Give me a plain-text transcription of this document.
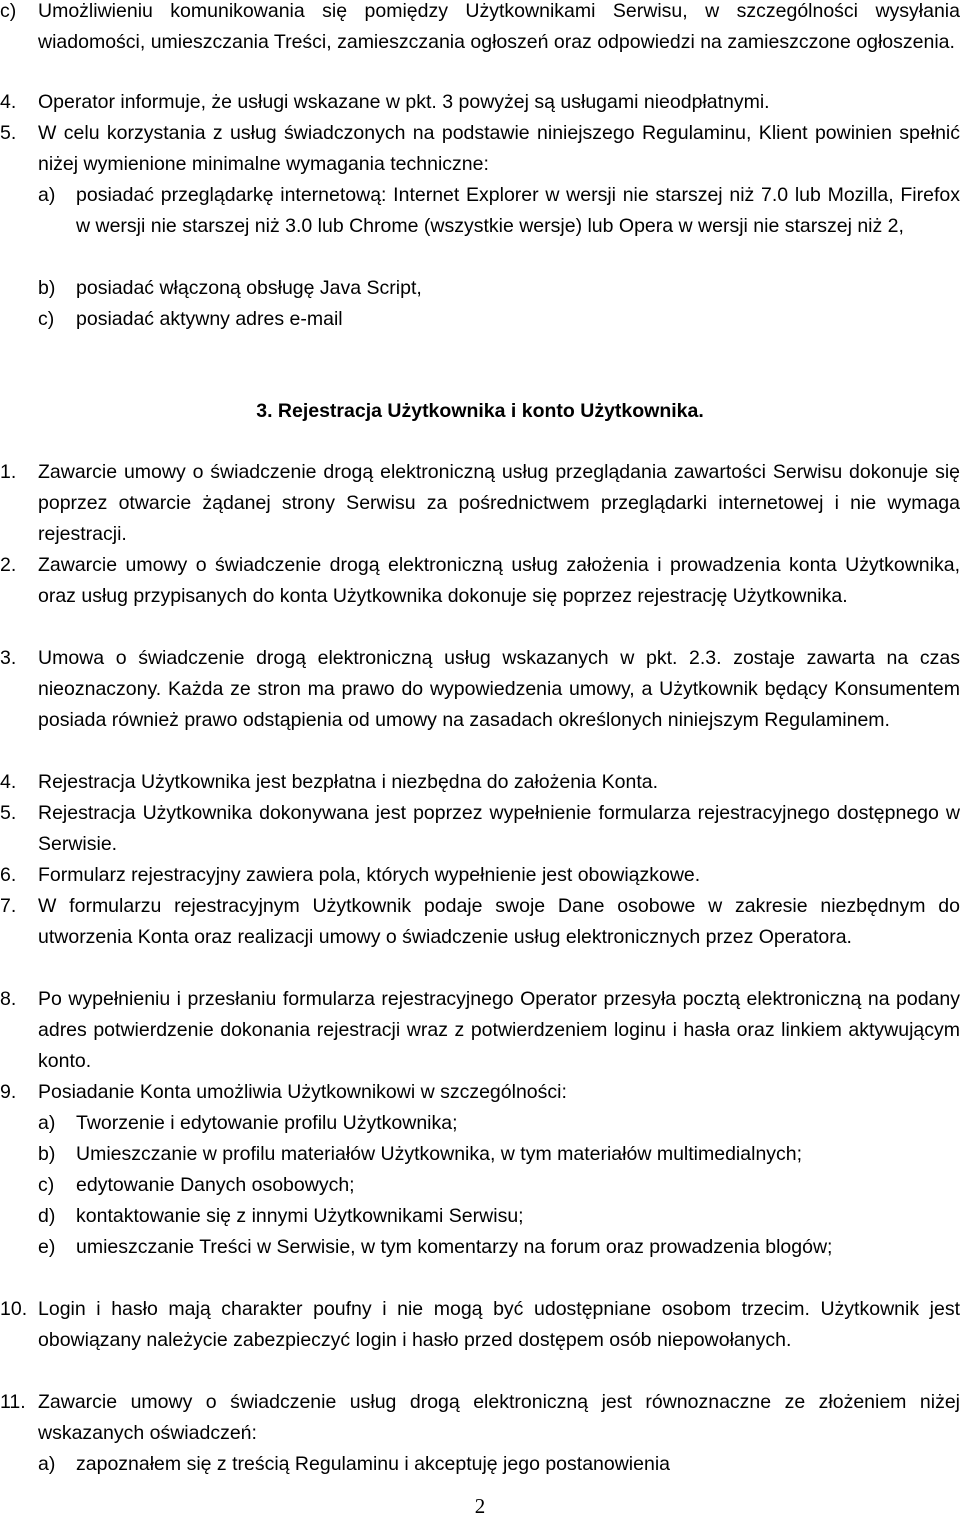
c) Umożliwieniu komunikowania się pomiędzy Użytkownikami Serwisu, w szczególności wysyłania wiadomości, umieszczania Treści, zamieszczania ogłoszeń oraz odpowiedzi na zamieszczone ogłoszenia.
4. Operator informuje, że usługi wskazane w pkt. 3 powyżej są usługami nieodpłatnymi.
5. W celu korzystania z usług świadczonych na podstawie niniejszego Regulaminu, Klient powinien spełnić niżej wymienione minimalne wymagania techniczne:
a) posiadać przeglądarkę internetową: Internet Explorer w wersji nie starszej niż 7.0 lub Mozilla, Firefox w wersji nie starszej niż 3.0 lub Chrome (wszystkie wersje) lub Opera w wersji nie starszej niż 2,
b) posiadać włączoną obsługę Java Script,
c) posiadać aktywny adres e-mail
3. Rejestracja Użytkownika i konto Użytkownika.
1. Zawarcie umowy o świadczenie drogą elektroniczną usług przeglądania zawartości Serwisu dokonuje się poprzez otwarcie żądanej strony Serwisu za pośrednictwem przeglądarki internetowej i nie wymaga rejestracji.
2. Zawarcie umowy o świadczenie drogą elektroniczną usług założenia i prowadzenia konta Użytkownika, oraz usług przypisanych do konta Użytkownika dokonuje się poprzez rejestrację Użytkownika.
3. Umowa o świadczenie drogą elektroniczną usług wskazanych w pkt. 2.3. zostaje zawarta na czas nieoznaczony. Każda ze stron ma prawo do wypowiedzenia umowy, a Użytkownik będący Konsumentem posiada również prawo odstąpienia od umowy na zasadach określonych niniejszym Regulaminem.
4. Rejestracja Użytkownika jest bezpłatna i niezbędna do założenia Konta.
5. Rejestracja Użytkownika dokonywana jest poprzez wypełnienie formularza rejestracyjnego dostępnego w Serwisie.
6. Formularz rejestracyjny zawiera pola, których wypełnienie jest obowiązkowe.
7. W formularzu rejestracyjnym Użytkownik podaje swoje Dane osobowe w zakresie niezbędnym do utworzenia Konta oraz realizacji umowy o świadczenie usług elektronicznych przez Operatora.
8. Po wypełnieniu i przesłaniu formularza rejestracyjnego Operator przesyła pocztą elektroniczną na podany adres potwierdzenie dokonania rejestracji wraz z potwierdzeniem loginu i hasła oraz linkiem aktywującym konto.
9. Posiadanie Konta umożliwia Użytkownikowi w szczególności:
a) Tworzenie i edytowanie profilu Użytkownika;
b) Umieszczanie w profilu materiałów Użytkownika, w tym materiałów multimedialnych;
c) edytowanie Danych osobowych;
d) kontaktowanie się z innymi Użytkownikami Serwisu;
e) umieszczanie Treści w Serwisie, w tym komentarzy na forum oraz prowadzenia blogów;
10. Login i hasło mają charakter poufny i nie mogą być udostępniane osobom trzecim. Użytkownik jest obowiązany należycie zabezpieczyć login i hasło przed dostępem osób niepowołanych.
11. Zawarcie umowy o świadczenie usług drogą elektroniczną jest równoznaczne ze złożeniem niżej wskazanych oświadczeń:
a) zapoznałem się z treścią Regulaminu i akceptuję jego postanowienia
2
